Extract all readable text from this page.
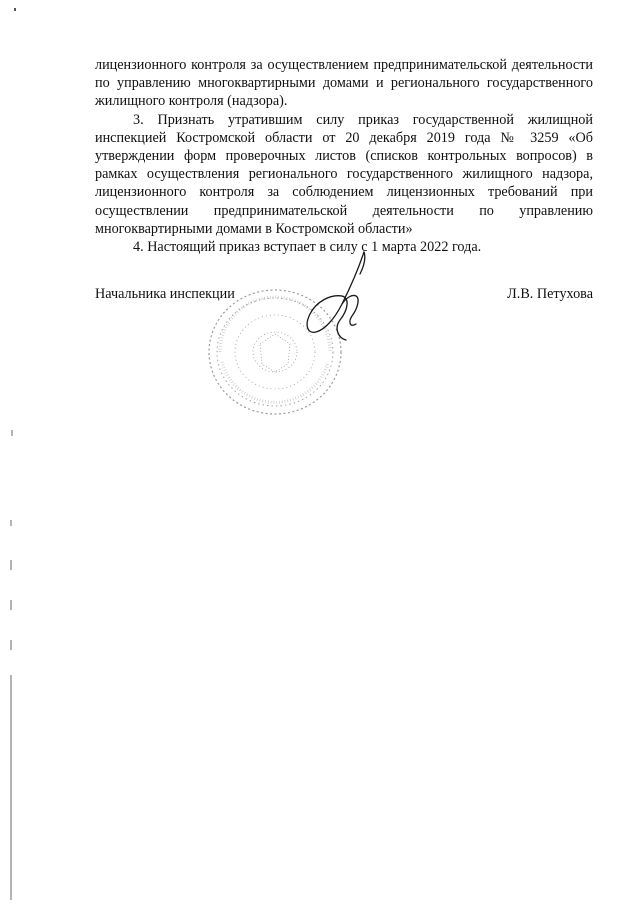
лицензионного контроля за осуществлением предпринимательской деятельности по управлению многоквартирными домами и регионального государственного жилищного контроля (надзора).

3. Признать утратившим силу приказ государственной жилищной инспекцией Костромской области от 20 декабря 2019 года № 3259 «Об утверждении форм проверочных листов (списков контрольных вопросов) в рамках осуществления регионального государственного жилищного надзора, лицензионного контроля за соблюдением лицензионных требований при осуществлении предпринимательской деятельности по управлению многоквартирными домами в Костромской области»

4. Настоящий приказ вступает в силу с 1 марта 2022 года.

Начальника инспекции	Л.В. Петухова
